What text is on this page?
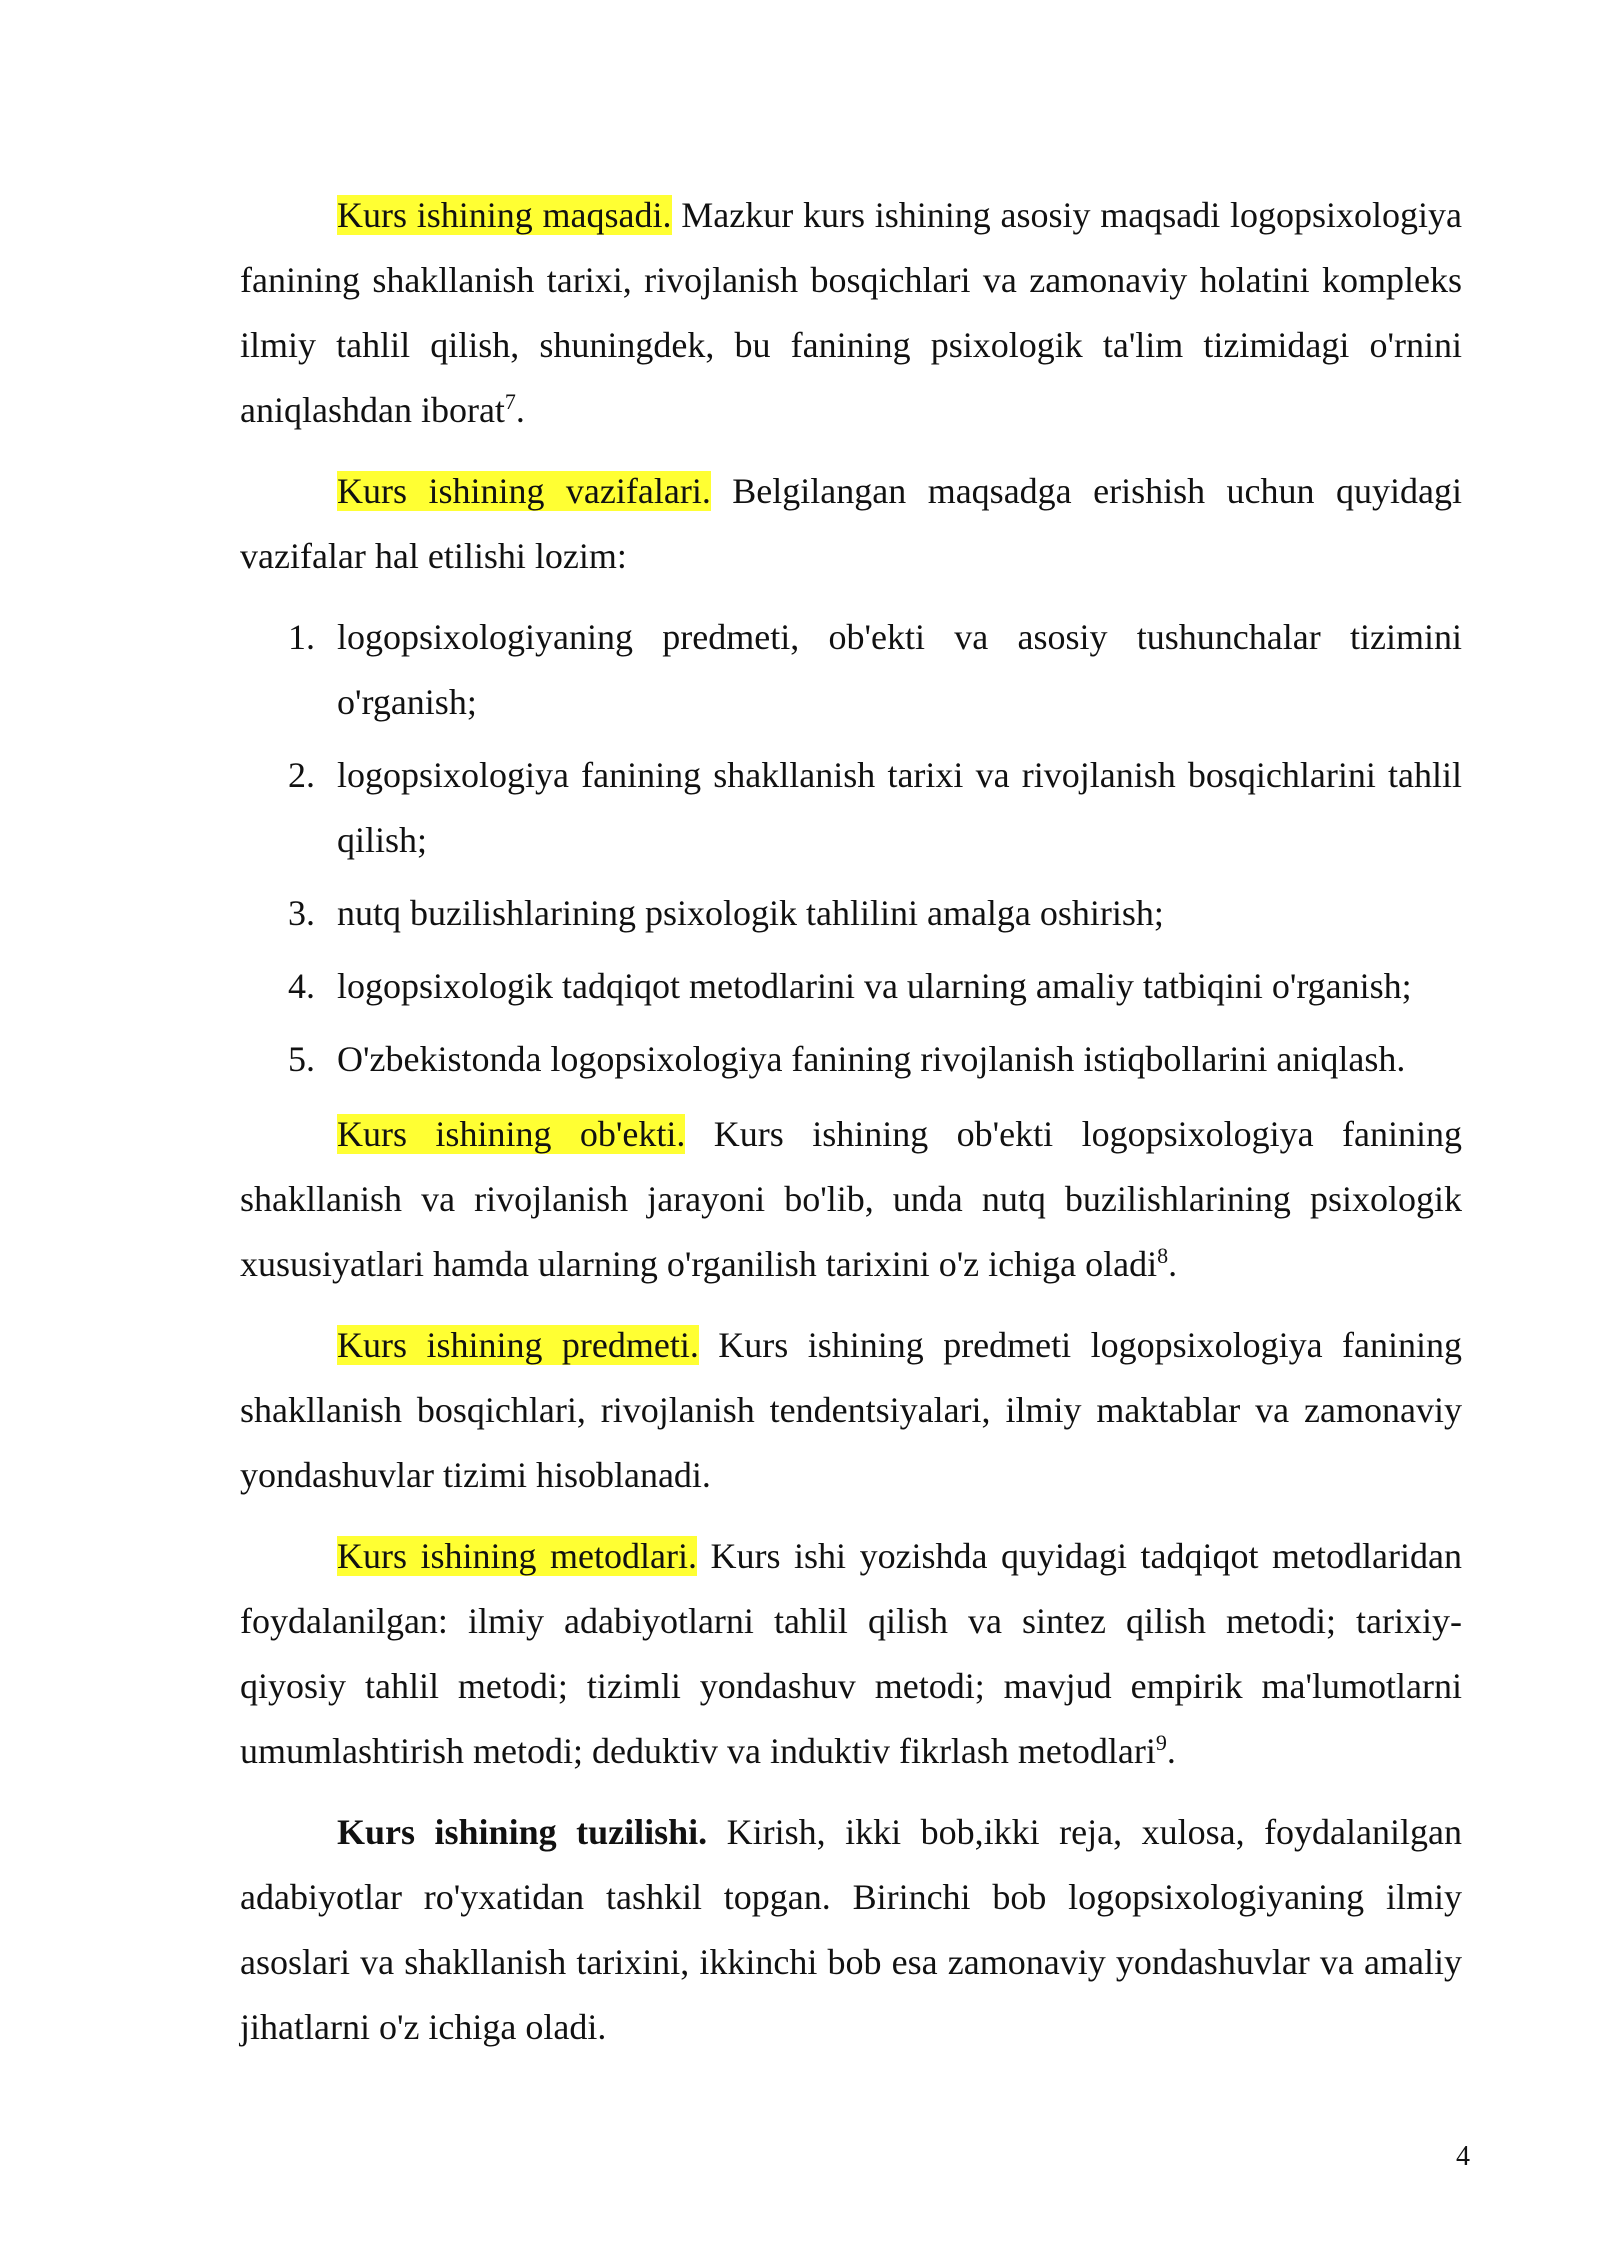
Kurs ishining maqsadi. Mazkur kurs ishining asosiy maqsadi logopsixologiya fanining shakllanish tarixi, rivojlanish bosqichlari va zamonaviy holatini kompleks ilmiy tahlil qilish, shuningdek, bu fanining psixologik ta'lim tizimidagi o'rnini aniqlashdan iborat$^7$.

Kurs ishining vazifalari. Belgilangan maqsadga erishish uchun quyidagi vazifalar hal etilishi lozim:

1. logopsixologiyaning predmeti, ob'ekti va asosiy tushunchalar tizimini o'rganish;
2. logopsixologiya fanining shakllanish tarixi va rivojlanish bosqichlarini tahlil qilish;
3. nutq buzilishlarining psixologik tahlilini amalga oshirish;
4. logopsixologik tadqiqot metodlarini va ularning amaliy tatbiqini o'rganish;
5. O'zbekistonda logopsixologiya fanining rivojlanish istiqbollarini aniqlash.

Kurs ishining ob'ekti. Kurs ishining ob'ekti logopsixologiya fanining shakllanish va rivojlanish jarayoni bo'lib, unda nutq buzilishlarining psixologik xususiyatlari hamda ularning o'rganilish tarixini o'z ichiga oladi$^8$.

Kurs ishining predmeti. Kurs ishining predmeti logopsixologiya fanining shakllanish bosqichlari, rivojlanish tendentsiyalari, ilmiy maktablar va zamonaviy yondashuvlar tizimi hisoblanadi.

Kurs ishining metodlari. Kurs ishi yozishda quyidagi tadqiqot metodlaridan foydalanilgan: ilmiy adabiyotlarni tahlil qilish va sintez qilish metodi; tarixiy-qiyosiy tahlil metodi; tizimli yondashuv metodi; mavjud empirik ma'lumotlarni umumlashtirish metodi; deduktiv va induktiv fikrlash metodlari$^9$.

Kurs ishining tuzilishi. Kirish, ikki bob,ikki reja, xulosa, foydalanilgan adabiyotlar ro'yxatidan tashkil topgan. Birinchi bob logopsixologiyaning ilmiy asoslari va shakllanish tarixini, ikkinchi bob esa zamonaviy yondashuvlar va amaliy jihatlarni o'z ichiga oladi.

4
